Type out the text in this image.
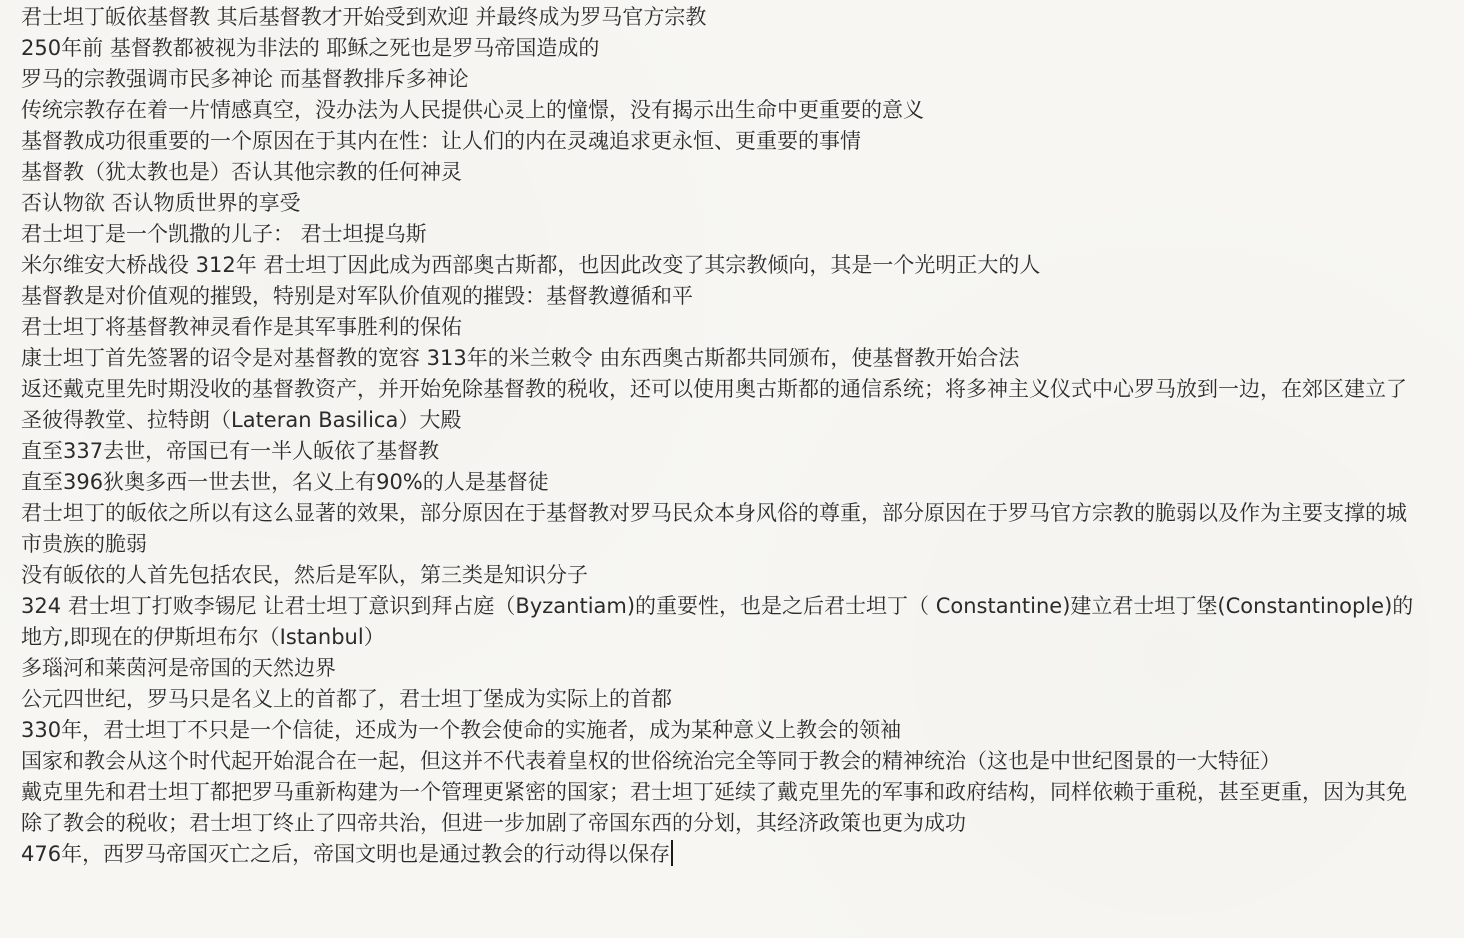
君士坦丁皈依基督教 其后基督教才开始受到欢迎 并最终成为罗马官方宗教

250年前 基督教都被视为非法的 耶稣之死也是罗马帝国造成的

罗马的宗教强调市民多神论 而基督教排斥多神论

传统宗教存在着一片情感真空，没办法为人民提供心灵上的憧憬，没有揭示出生命中更重要的意义

基督教成功很重要的一个原因在于其内在性：让人们的内在灵魂追求更永恒、更重要的事情

基督教（犹太教也是）否认其他宗教的任何神灵

否认物欲 否认物质世界的享受

君士坦丁是一个凯撒的儿子： 君士坦提乌斯

米尔维安大桥战役 312年 君士坦丁因此成为西部奥古斯都，也因此改变了其宗教倾向，其是一个光明正大的人

基督教是对价值观的摧毁，特别是对军队价值观的摧毁：基督教遵循和平

君士坦丁将基督教神灵看作是其军事胜利的保佑

康士坦丁首先签署的诏令是对基督教的宽容 313年的米兰敕令 由东西奥古斯都共同颁布，使基督教开始合法

返还戴克里先时期没收的基督教资产，并开始免除基督教的税收，还可以使用奥古斯都的通信系统；将多神主义仪式中心罗马放到一边，在郊区建立了圣彼得教堂、拉特朗（Lateran Basilica）大殿

直至337去世，帝国已有一半人皈依了基督教

直至396狄奥多西一世去世，名义上有90%的人是基督徒

君士坦丁的皈依之所以有这么显著的效果，部分原因在于基督教对罗马民众本身风俗的尊重，部分原因在于罗马官方宗教的脆弱以及作为主要支撑的城市贵族的脆弱

没有皈依的人首先包括农民，然后是军队，第三类是知识分子

324 君士坦丁打败李锡尼 让君士坦丁意识到拜占庭（Byzantiam)的重要性，也是之后君士坦丁（ Constantine)建立君士坦丁堡(Constantinople)的地方,即现在的伊斯坦布尔（Istanbul）

多瑙河和莱茵河是帝国的天然边界

公元四世纪，罗马只是名义上的首都了，君士坦丁堡成为实际上的首都

330年，君士坦丁不只是一个信徒，还成为一个教会使命的实施者，成为某种意义上教会的领袖

国家和教会从这个时代起开始混合在一起，但这并不代表着皇权的世俗统治完全等同于教会的精神统治（这也是中世纪图景的一大特征）

戴克里先和君士坦丁都把罗马重新构建为一个管理更紧密的国家；君士坦丁延续了戴克里先的军事和政府结构，同样依赖于重税，甚至更重，因为其免除了教会的税收；君士坦丁终止了四帝共治，但进一步加剧了帝国东西的分划，其经济政策也更为成功

476年，西罗马帝国灭亡之后，帝国文明也是通过教会的行动得以保存
